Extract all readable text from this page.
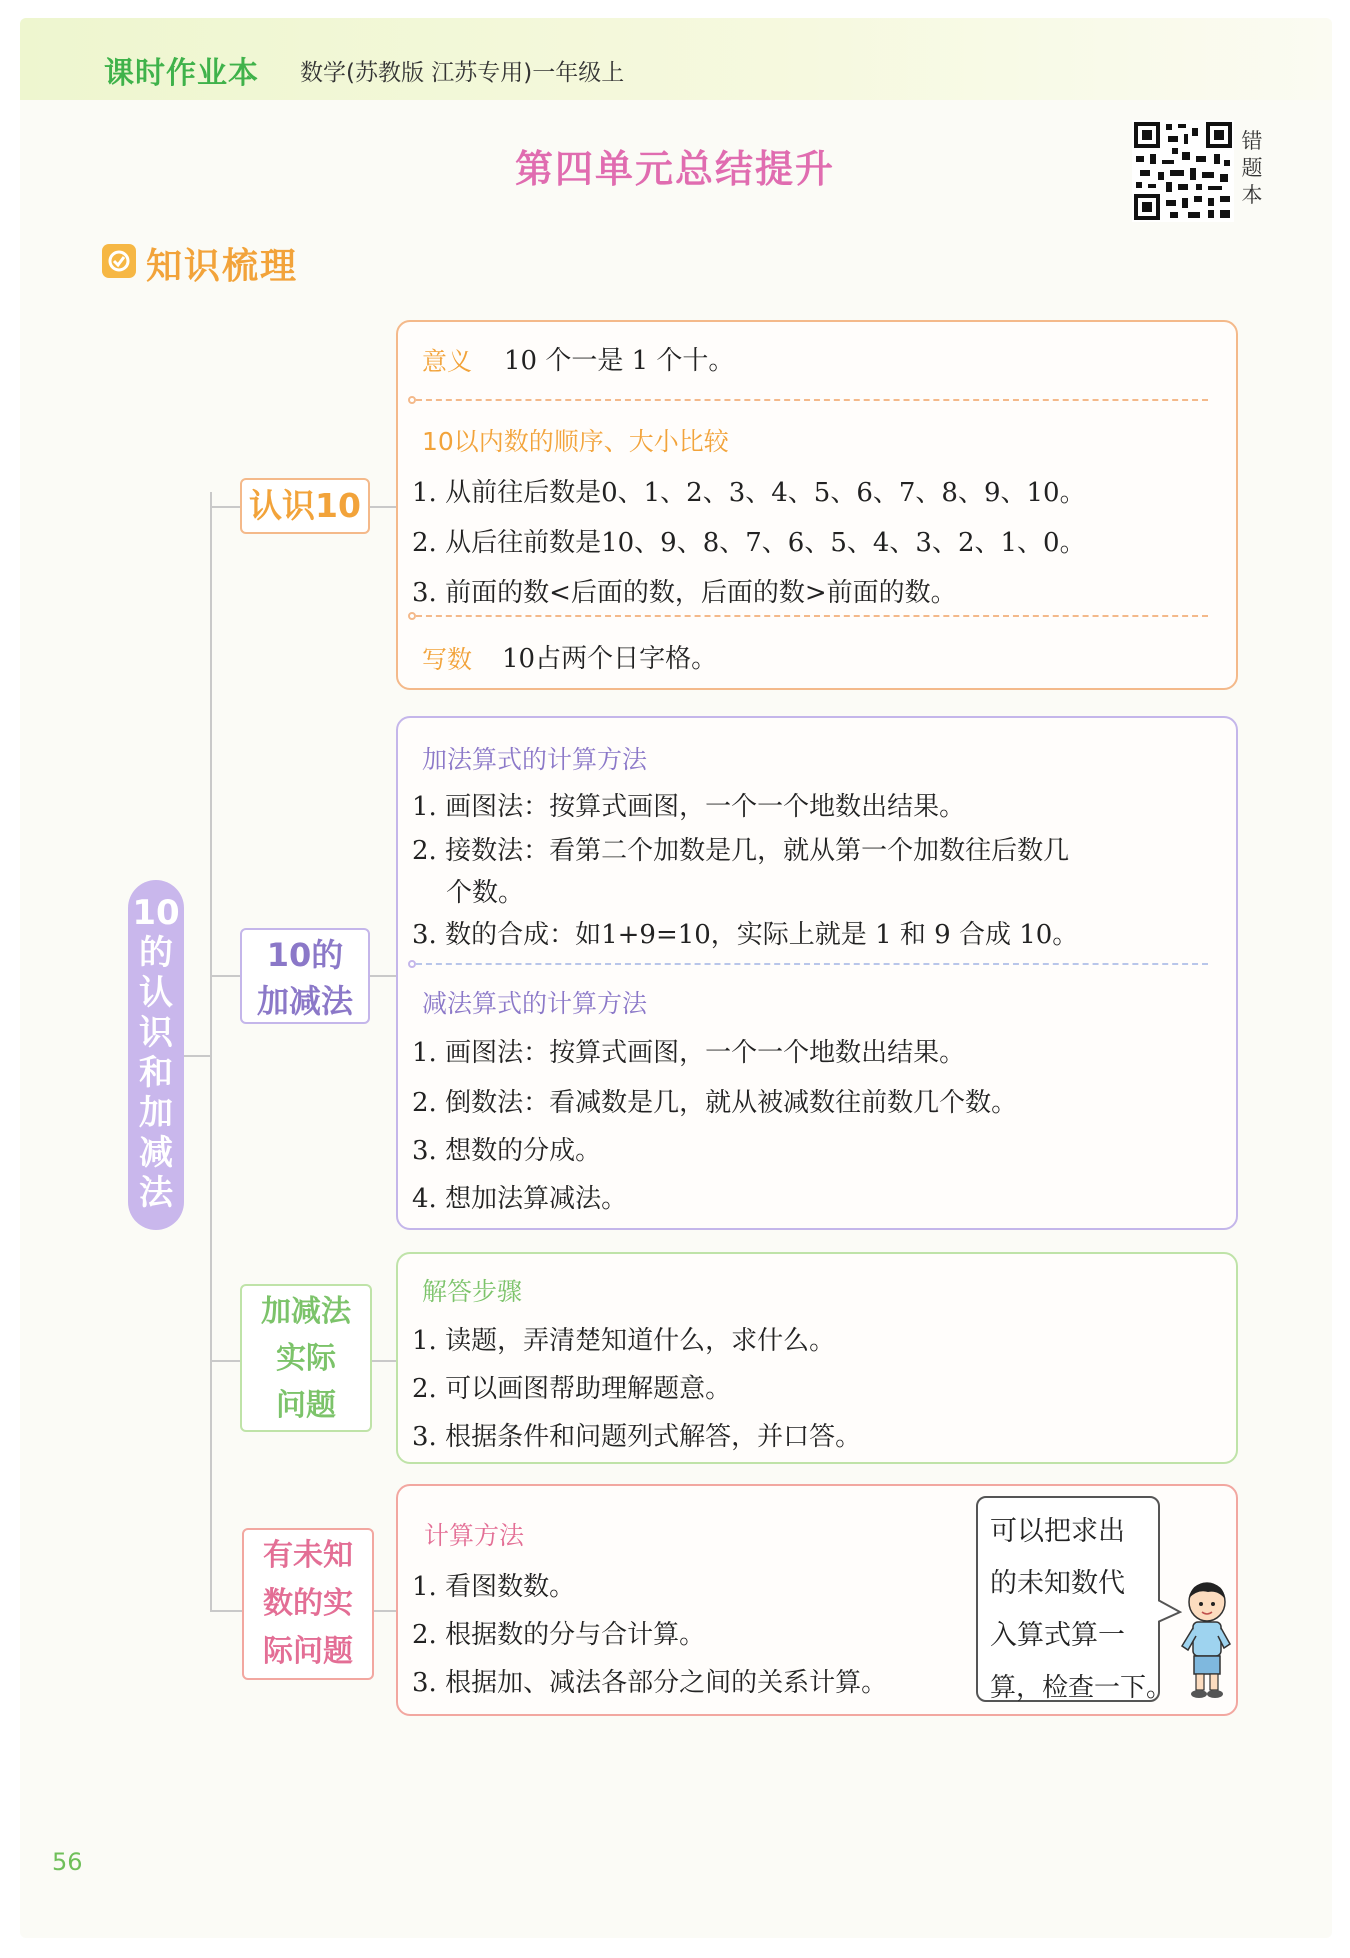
课时作业本 数学(苏教版 江苏专用)一年级上
第四单元总结提升
错
题
本
知识梳理
10
的
认
识
和
加
减
法
认识10
意义 10 个一是 1 个十。
10以内数的顺序、大小比较
1. 从前往后数是0、1、2、3、4、5、6、7、8、9、10。
2. 从后往前数是10、9、8、7、6、5、4、3、2、1、0。
3. 前面的数<后面的数，后面的数>前面的数。
写数 10占两个日字格。
10的
加减法
加法算式的计算方法
1. 画图法：按算式画图，一个一个地数出结果。
2. 接数法：看第二个加数是几，就从第一个加数往后数几
个数。
3. 数的合成：如1+9=10，实际上就是 1 和 9 合成 10。
减法算式的计算方法
1. 画图法：按算式画图，一个一个地数出结果。
2. 倒数法：看减数是几，就从被减数往前数几个数。
3. 想数的分成。
4. 想加法算减法。
加减法
实际
问题
解答步骤
1. 读题，弄清楚知道什么，求什么。
2. 可以画图帮助理解题意。
3. 根据条件和问题列式解答，并口答。
有未知
数的实
际问题
计算方法
1. 看图数数。
2. 根据数的分与合计算。
3. 根据加、减法各部分之间的关系计算。
可以把求出
的未知数代
入算式算一
算，检查一下。
56
